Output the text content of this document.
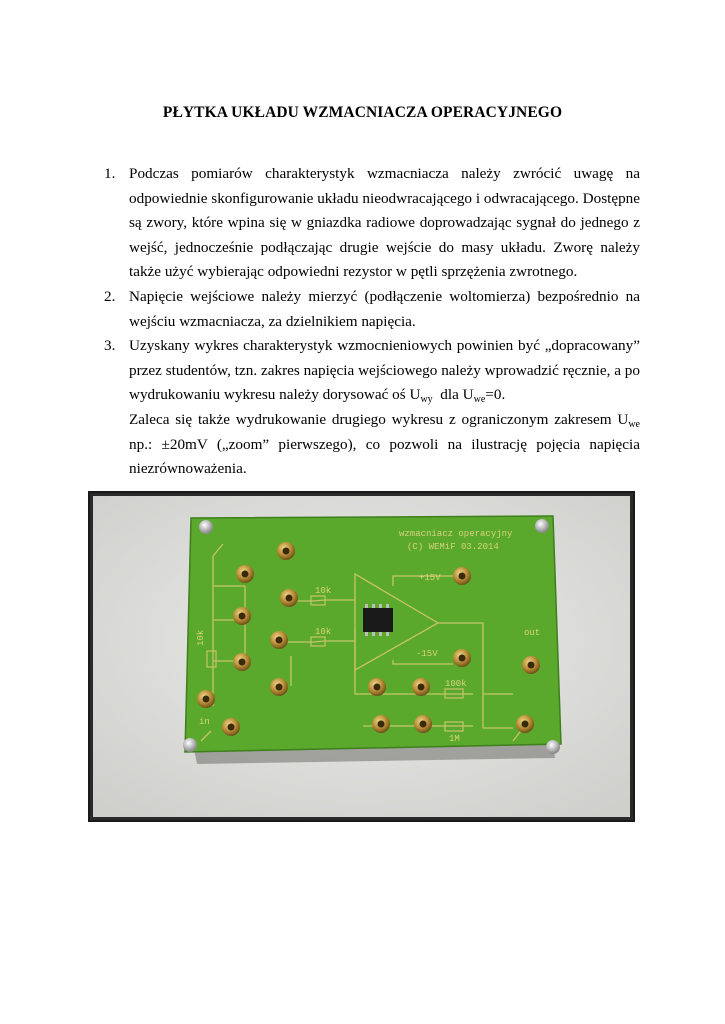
PŁYTKA UKŁADU WZMACNIACZA OPERACYJNEGO
1. Podczas pomiarów charakterystyk wzmacniacza należy zwrócić uwagę na odpowiednie skonfigurowanie układu nieodwracającego i odwracającego. Dostępne są zwory, które wpina się w gniazdka radiowe doprowadzając sygnał do jednego z wejść, jednocześnie podłączając drugie wejście do masy układu. Zworę należy także użyć wybierając odpowiedni rezystor w pętli sprzężenia zwrotnego.
2. Napięcie wejściowe należy mierzyć (podłączenie woltomierza) bezpośrednio na wejściu wzmacniacza, za dzielnikiem napięcia.
3. Uzyskany wykres charakterystyk wzmocnieniowych powinien być „dopracowany” przez studentów, tzn. zakres napięcia wejściowego należy wprowadzić ręcznie, a po wydrukowaniu wykresu należy dorysować oś $U_{wy}$  dla $U_{we}=0$.
Zaleca się także wydrukowanie drugiego wykresu z ograniczonym zakresem $U_{we}$ np.: ±20mV („zoom” pierwszego), co pozwoli na ilustrację pojęcia napięcia niezrównoważenia.
wzmacniacz operacyjny
(C) WEMiF 03.2014
10k
10k
+15V
-15V
out
in
100k
1M
10k
